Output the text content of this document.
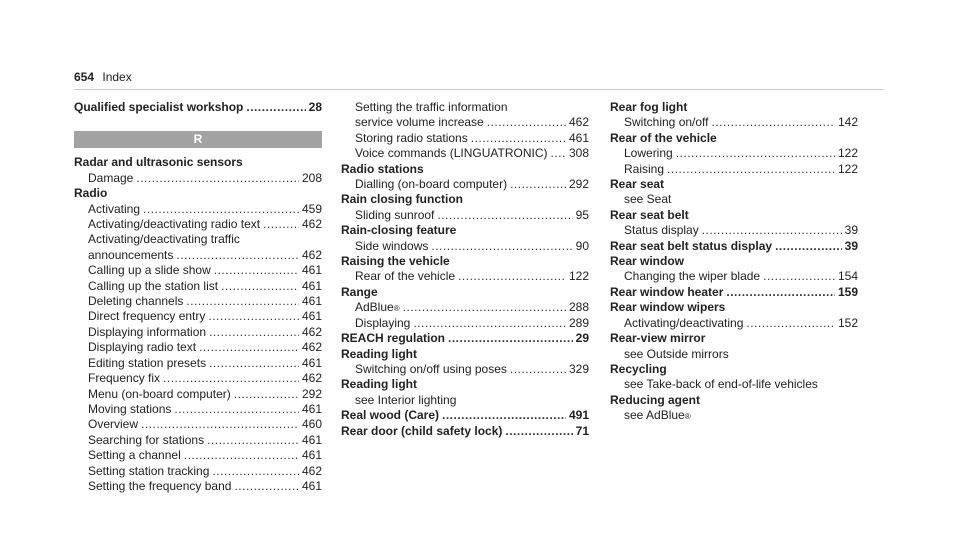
654 Index
Qualified specialist workshop .....	28
R
Radar and ultrasonic sensors
Damage .....	208
Radio
Activating .....	459
Activating/deactivating radio text .....	462
Activating/deactivating traffic
announcements .....	462
Calling up a slide show .....	461
Calling up the station list .....	461
Deleting channels .....	461
Direct frequency entry .....	461
Displaying information .....	462
Displaying radio text .....	462
Editing station presets .....	461
Frequency fix .....	462
Menu (on-board computer) .....	292
Moving stations .....	461
Overview .....	460
Searching for stations .....	461
Setting a channel .....	461
Setting station tracking .....	462
Setting the frequency band .....	461
Setting the traffic information
service volume increase .....	462
Storing radio stations .....	461
Voice commands (LINGUATRONIC) ..... 308
Radio stations
Dialling (on-board computer) .....	292
Rain closing function
Sliding sunroof .....	95
Rain-closing feature
Side windows .....	90
Raising the vehicle
Rear of the vehicle .....	122
Range
AdBlue ® .....	288
Displaying .....	289
REACH regulation .....	29
Reading light
Switching on/off using poses .....	329
Reading light
see Interior lighting
Real wood (Care) .....	491
Rear door (child safety lock) .....	71
Rear fog light
Switching on/off .....	142
Rear of the vehicle
Lowering .....	122
Raising .....	122
Rear seat
see Seat
Rear seat belt
Status display .....	39
Rear seat belt status display .....	39
Rear window
Changing the wiper blade .....	154
Rear window heater .....	159
Rear window wipers
Activating/deactivating .....	152
Rear-view mirror
see Outside mirrors
Recycling
see Take-back of end-of-life vehicles
Reducing agent
see AdBlue ®
